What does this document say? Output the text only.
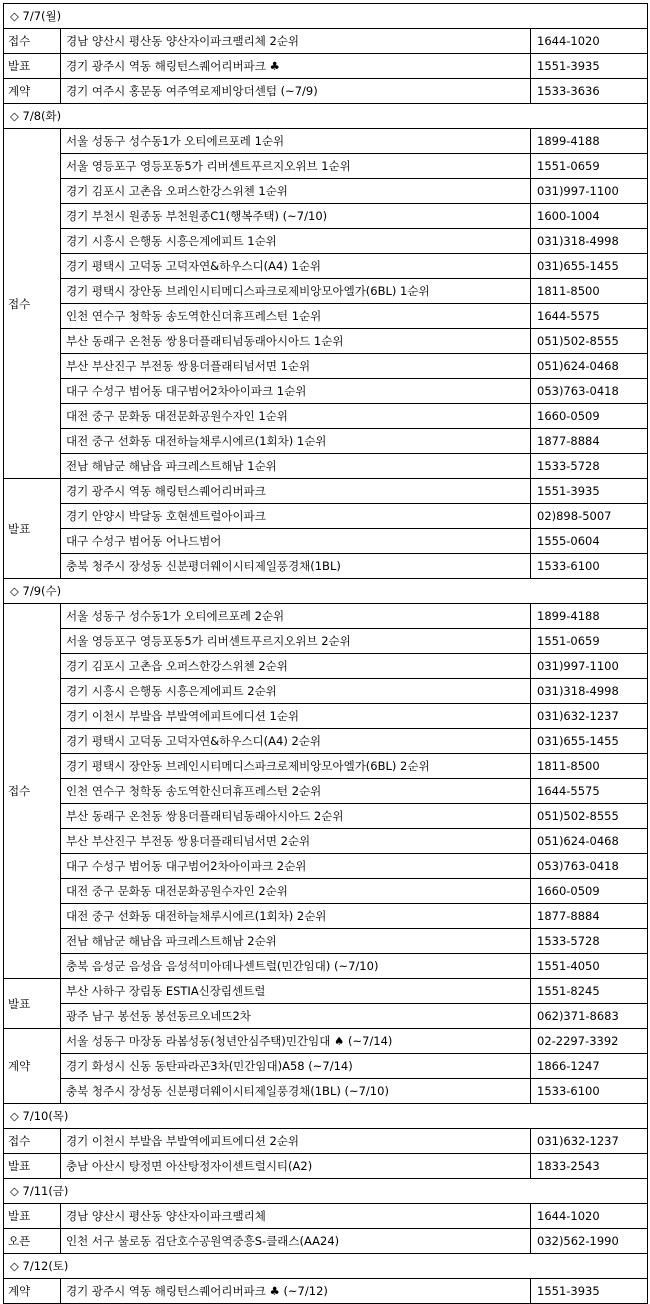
◇ 7/7(월)		
접수	경남 양산시 평산동 양산자이파크팰리체 2순위	1644-1020
발표	경기 광주시 역동 해링턴스퀘어리버파크 ♣	1551-3935
계약	경기 여주시 홍문동 여주역로제비앙더센텀 (~7/9)	1533-3636
◇ 7/8(화)		
접수	서울 성동구 성수동1가 오티에르포레 1순위	1899-4188
	서울 영등포구 영등포동5가 리버센트푸르지오위브 1순위	1551-0659
	경기 김포시 고촌읍 오퍼스한강스위첸 1순위	031)997-1100
	경기 부천시 원종동 부천원종C1(행복주택) (~7/10)	1600-1004
	경기 시흥시 은행동 시흥은계에피트 1순위	031)318-4998
	경기 평택시 고덕동 고덕자연&하우스디(A4) 1순위	031)655-1455
	경기 평택시 장안동 브레인시티메디스파크로제비앙모아엘가(6BL) 1순위	1811-8500
	인천 연수구 청학동 송도역한신더휴프레스턴 1순위	1644-5575
	부산 동래구 온천동 쌍용더플래티넘동래아시아드 1순위	051)502-8555
	부산 부산진구 부전동 쌍용더플래티넘서면 1순위	051)624-0468
	대구 수성구 범어동 대구범어2차아이파크 1순위	053)763-0418
	대전 중구 문화동 대전문화공원수자인 1순위	1660-0509
	대전 중구 선화동 대전하늘채루시에르(1회차) 1순위	1877-8884
	전남 해남군 해남읍 파크레스트해남 1순위	1533-5728
발표	경기 광주시 역동 해링턴스퀘어리버파크	1551-3935
	경기 안양시 박달동 호현센트럴아이파크	02)898-5007
	대구 수성구 범어동 어나드범어	1555-0604
	충북 청주시 장성동 신분평더웨이시티제일풍경채(1BL)	1533-6100
◇ 7/9(수)		
접수	서울 성동구 성수동1가 오티에르포레 2순위	1899-4188
	서울 영등포구 영등포동5가 리버센트푸르지오위브 2순위	1551-0659
	경기 김포시 고촌읍 오퍼스한강스위첸 2순위	031)997-1100
	경기 시흥시 은행동 시흥은계에피트 2순위	031)318-4998
	경기 이천시 부발읍 부발역에피트에디션 1순위	031)632-1237
	경기 평택시 고덕동 고덕자연&하우스디(A4) 2순위	031)655-1455
	경기 평택시 장안동 브레인시티메디스파크로제비앙모아엘가(6BL) 2순위	1811-8500
	인천 연수구 청학동 송도역한신더휴프레스턴 2순위	1644-5575
	부산 동래구 온천동 쌍용더플래티넘동래아시아드 2순위	051)502-8555
	부산 부산진구 부전동 쌍용더플래티넘서면 2순위	051)624-0468
	대구 수성구 범어동 대구범어2차아이파크 2순위	053)763-0418
	대전 중구 문화동 대전문화공원수자인 2순위	1660-0509
	대전 중구 선화동 대전하늘채루시에르(1회차) 2순위	1877-8884
	전남 해남군 해남읍 파크레스트해남 2순위	1533-5728
	충북 음성군 음성읍 음성석미아데나센트럴(민간임대) (~7/10)	1551-4050
발표	부산 사하구 장림동 ESTIA신장림센트럴	1551-8245
	광주 남구 봉선동 봉선동르오네뜨2차	062)371-8683
계약	서울 성동구 마장동 라봄성동(청년안심주택)민간임대 ♠ (~7/14)	02-2297-3392
	경기 화성시 신동 동탄파라곤3차(민간임대)A58 (~7/14)	1866-1247
	충북 청주시 장성동 신분평더웨이시티제일풍경채(1BL) (~7/10)	1533-6100
◇ 7/10(목)		
접수	경기 이천시 부발읍 부발역에피트에디션 2순위	031)632-1237
발표	충남 아산시 탕정면 아산탕정자이센트럴시티(A2)	1833-2543
◇ 7/11(금)		
발표	경남 양산시 평산동 양산자이파크팰리체	1644-1020
오픈	인천 서구 불로동 검단호수공원역중흥S-클래스(AA24)	032)562-1990
◇ 7/12(토)		
계약	경기 광주시 역동 해링턴스퀘어리버파크 ♣ (~7/12)	1551-3935
